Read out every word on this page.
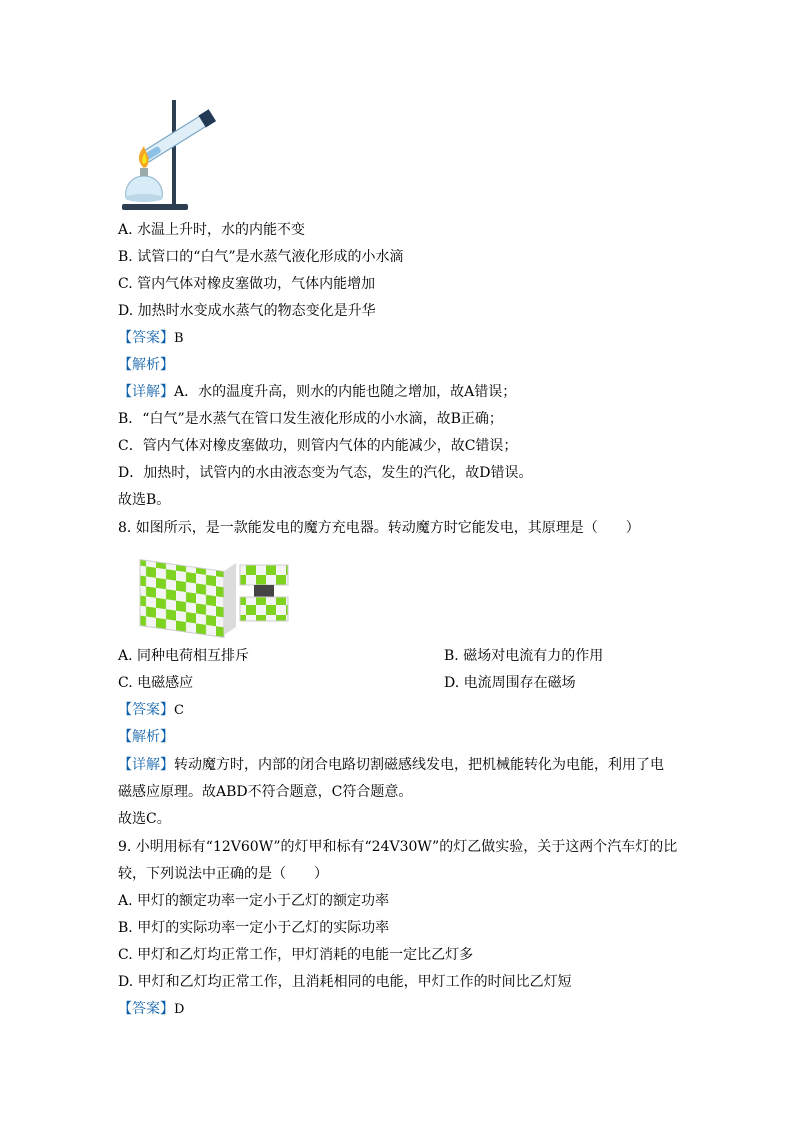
A. 水温上升时，水的内能不变
B. 试管口的“白气”是水蒸气液化形成的小水滴
C. 管内气体对橡皮塞做功，气体内能增加
D. 加热时水变成水蒸气的物态变化是升华
【答案】B
【解析】
【详解】A．水的温度升高，则水的内能也随之增加，故A错误；
B．“白气”是水蒸气在管口发生液化形成的小水滴，故B正确；
C．管内气体对橡皮塞做功，则管内气体的内能减少，故C错误；
D．加热时，试管内的水由液态变为气态，发生的汽化，故D错误。
故选B。
8. 如图所示，是一款能发电的魔方充电器。转动魔方时它能发电，其原理是（　　）
A. 同种电荷相互排斥	B. 磁场对电流有力的作用
C. 电磁感应	D. 电流周围存在磁场
【答案】C
【解析】
【详解】转动魔方时，内部的闭合电路切割磁感线发电，把机械能转化为电能，利用了电
磁感应原理。故ABD不符合题意，C符合题意。
故选C。
9. 小明用标有“12V60W”的灯甲和标有“24V30W”的灯乙做实验，关于这两个汽车灯的比
较，下列说法中正确的是（　　）
A. 甲灯的额定功率一定小于乙灯的额定功率
B. 甲灯的实际功率一定小于乙灯的实际功率
C. 甲灯和乙灯均正常工作，甲灯消耗的电能一定比乙灯多
D. 甲灯和乙灯均正常工作，且消耗相同的电能，甲灯工作的时间比乙灯短
【答案】D
